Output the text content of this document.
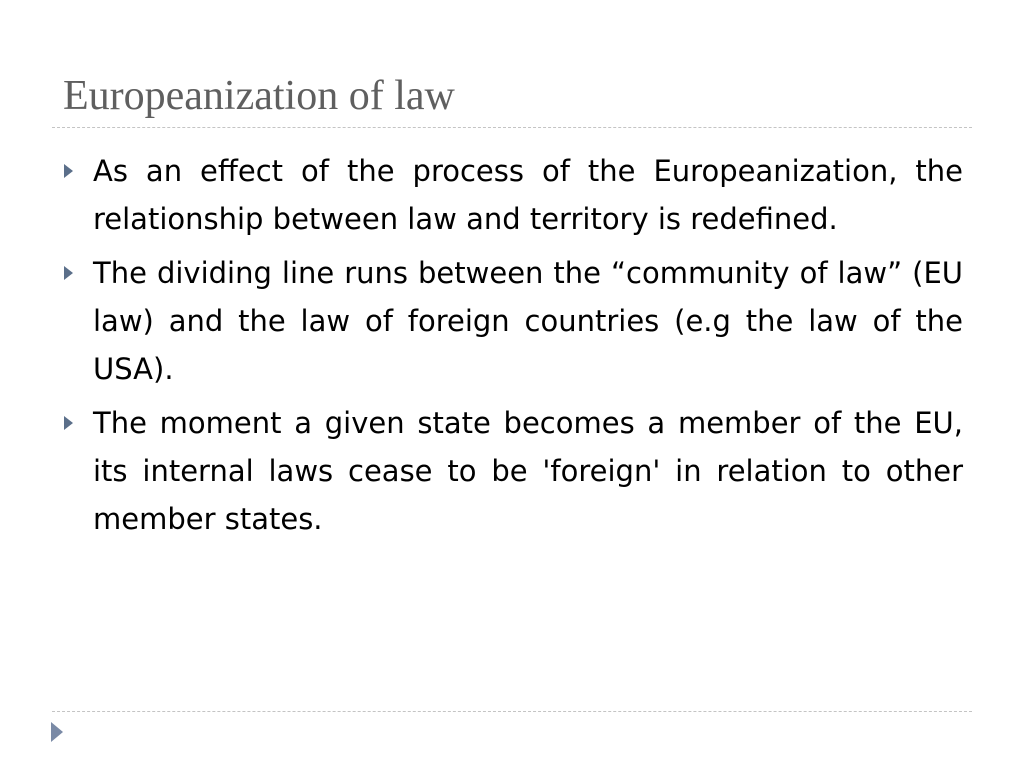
Europeanization of law
As an effect of the process of the Europeanization, the relationship between law and territory is redefined.
The dividing line runs between the “community of law” (EU law) and the law of foreign countries (e.g the law of the USA).
The moment a given state becomes a member of the EU, its internal laws cease to be 'foreign' in relation to other member states.
